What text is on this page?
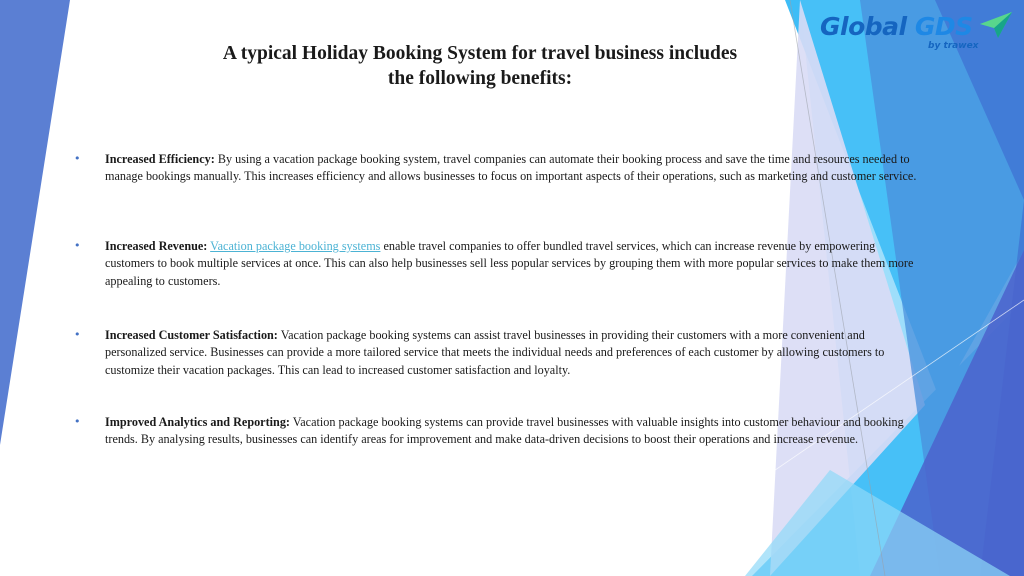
Global GDS
by trawex
A typical Holiday Booking System for travel business includes
the following benefits:
• Increased Efficiency: By using a vacation package booking system, travel companies can automate their booking process and save the time and resources needed to manage bookings manually. This increases efficiency and allows businesses to focus on important aspects of their operations, such as marketing and customer service.
• Increased Revenue: Vacation package booking systems enable travel companies to offer bundled travel services, which can increase revenue by empowering customers to book multiple services at once. This can also help businesses sell less popular services by grouping them with more popular services to make them more appealing to customers.
• Increased Customer Satisfaction: Vacation package booking systems can assist travel businesses in providing their customers with a more convenient and personalized service. Businesses can provide a more tailored service that meets the individual needs and preferences of each customer by allowing customers to customize their vacation packages. This can lead to increased customer satisfaction and loyalty.
• Improved Analytics and Reporting: Vacation package booking systems can provide travel businesses with valuable insights into customer behaviour and booking trends. By analysing results, businesses can identify areas for improvement and make data-driven decisions to boost their operations and increase revenue.
